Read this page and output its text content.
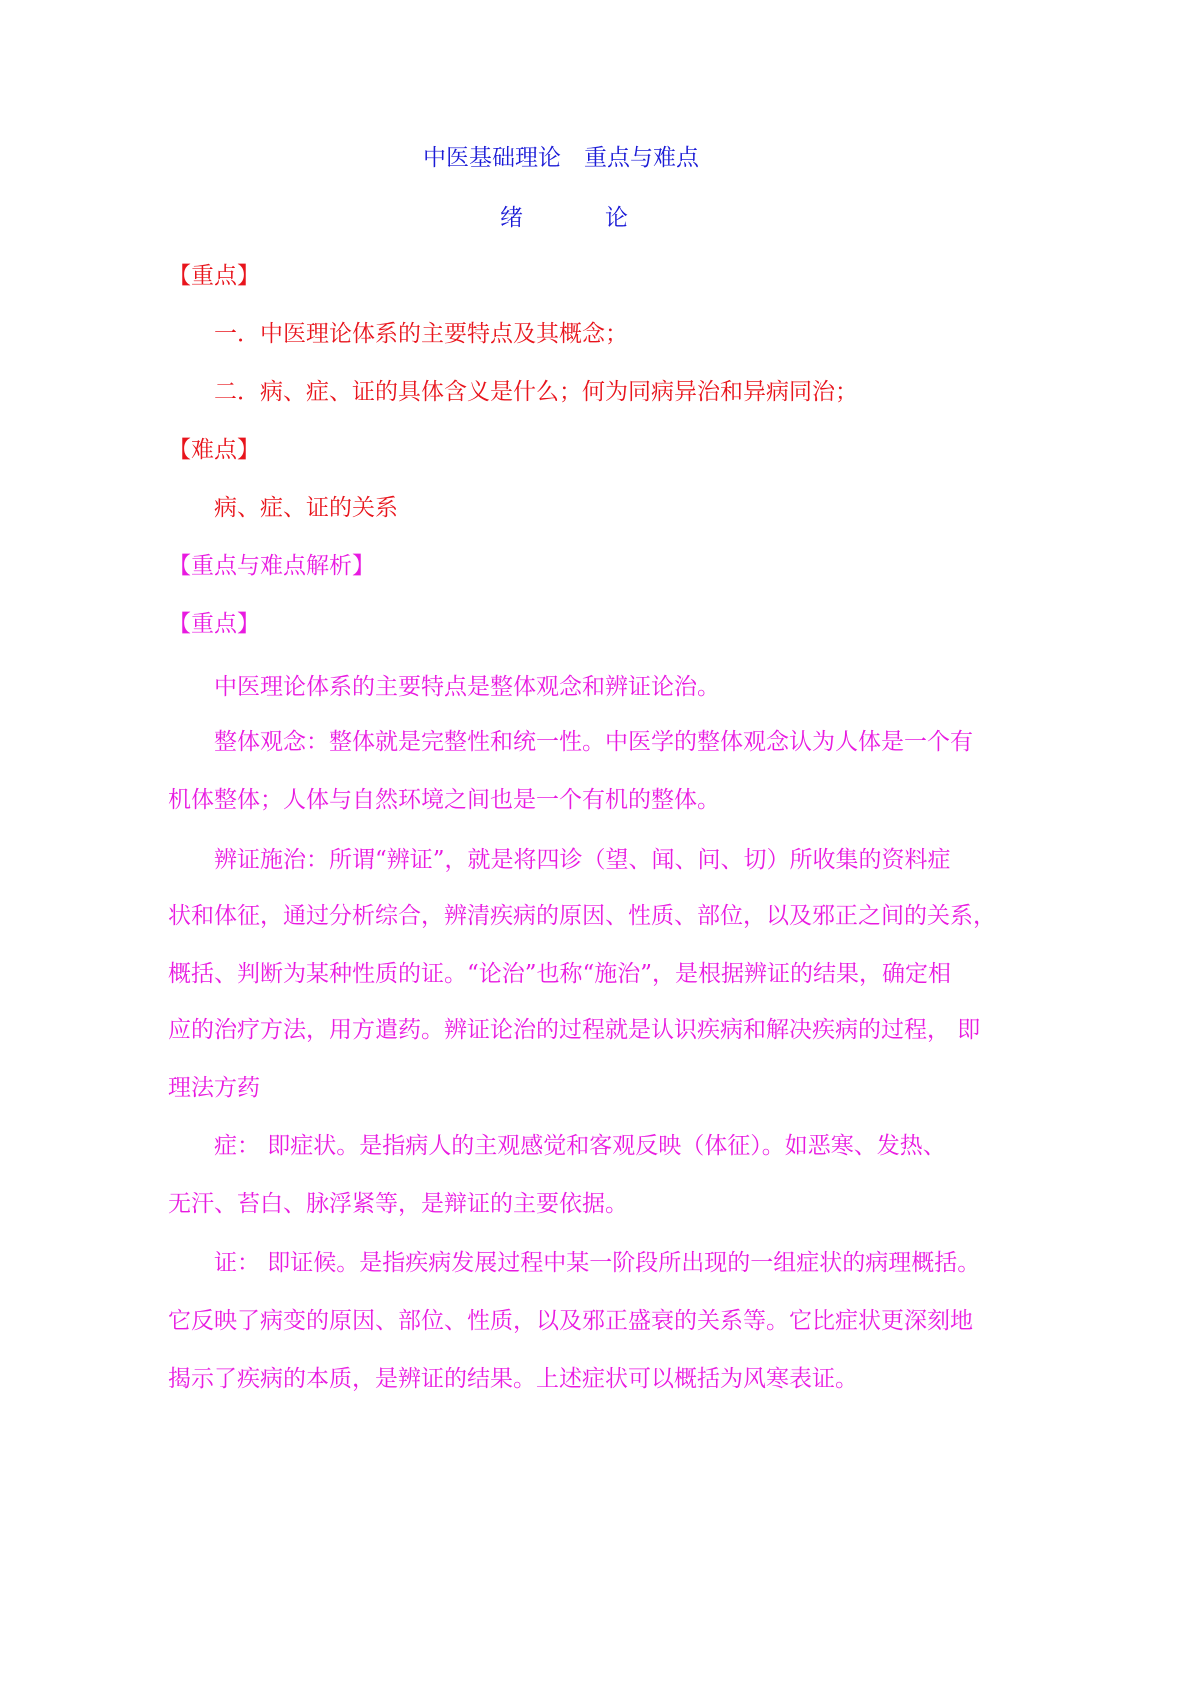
中医基础理论　重点与难点
绪	论
【重点】
一．中医理论体系的主要特点及其概念；
二．病、症、证的具体含义是什么；何为同病异治和异病同治；
【难点】
病、症、证的关系
【重点与难点解析】
【重点】
中医理论体系的主要特点是整体观念和辨证论治。
整体观念：整体就是完整性和统一性。中医学的整体观念认为人体是一个有
机体整体；人体与自然环境之间也是一个有机的整体。
辨证施治：所谓“辨证”，就是将四诊（望、闻、问、切）所收集的资料症
状和体征，通过分析综合，辨清疾病的原因、性质、部位，以及邪正之间的关系，
概括、判断为某种性质的证。“论治”也称“施治”，是根据辨证的结果，确定相
应的治疗方法，用方遣药。辨证论治的过程就是认识疾病和解决疾病的过程， 即
理法方药
症： 即症状。是指病人的主观感觉和客观反映（体征）。如恶寒、发热、
无汗、苔白、脉浮紧等，是辩证的主要依据。
证： 即证候。是指疾病发展过程中某一阶段所出现的一组症状的病理概括。
它反映了病变的原因、部位、性质，以及邪正盛衰的关系等。它比症状更深刻地
揭示了疾病的本质，是辨证的结果。上述症状可以概括为风寒表证。
